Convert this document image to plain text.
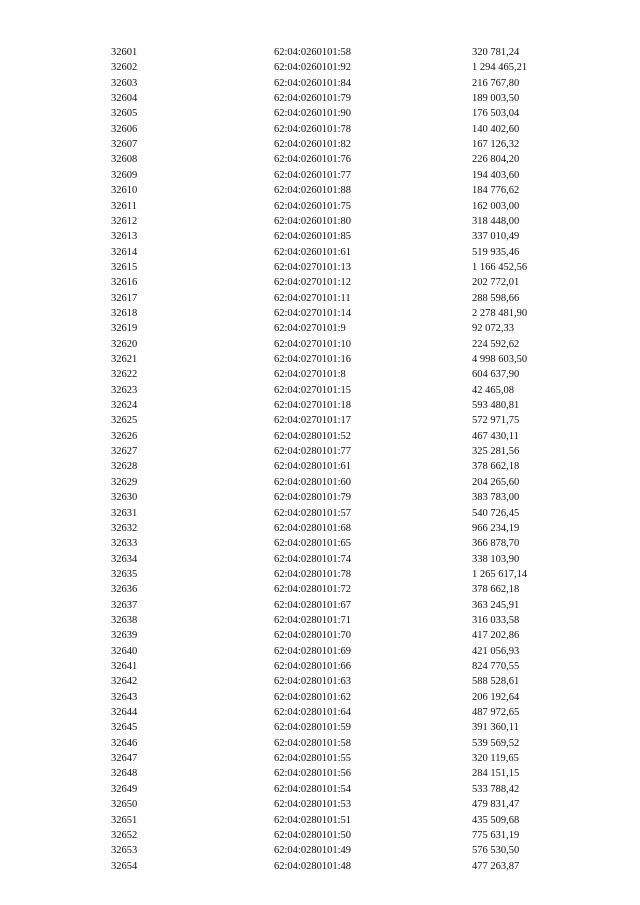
32601	62:04:0260101:58	320 781,24
32602	62:04:0260101:92	1 294 465,21
32603	62:04:0260101:84	216 767,80
32604	62:04:0260101:79	189 003,50
32605	62:04:0260101:90	176 503,04
32606	62:04:0260101:78	140 402,60
32607	62:04:0260101:82	167 126,32
32608	62:04:0260101:76	226 804,20
32609	62:04:0260101:77	194 403,60
32610	62:04:0260101:88	184 776,62
32611	62:04:0260101:75	162 003,00
32612	62:04:0260101:80	318 448,00
32613	62:04:0260101:85	337 010,49
32614	62:04:0260101:61	519 935,46
32615	62:04:0270101:13	1 166 452,56
32616	62:04:0270101:12	202 772,01
32617	62:04:0270101:11	288 598,66
32618	62:04:0270101:14	2 278 481,90
32619	62:04:0270101:9	92 072,33
32620	62:04:0270101:10	224 592,62
32621	62:04:0270101:16	4 998 603,50
32622	62:04:0270101:8	604 637,90
32623	62:04:0270101:15	42 465,08
32624	62:04:0270101:18	593 480,81
32625	62:04:0270101:17	572 971,75
32626	62:04:0280101:52	467 430,11
32627	62:04:0280101:77	325 281,56
32628	62:04:0280101:61	378 662,18
32629	62:04:0280101:60	204 265,60
32630	62:04:0280101:79	383 783,00
32631	62:04:0280101:57	540 726,45
32632	62:04:0280101:68	966 234,19
32633	62:04:0280101:65	366 878,70
32634	62:04:0280101:74	338 103,90
32635	62:04:0280101:78	1 265 617,14
32636	62:04:0280101:72	378 662,18
32637	62:04:0280101:67	363 245,91
32638	62:04:0280101:71	316 033,58
32639	62:04:0280101:70	417 202,86
32640	62:04:0280101:69	421 056,93
32641	62:04:0280101:66	824 770,55
32642	62:04:0280101:63	588 528,61
32643	62:04:0280101:62	206 192,64
32644	62:04:0280101:64	487 972,65
32645	62:04:0280101:59	391 360,11
32646	62:04:0280101:58	539 569,52
32647	62:04:0280101:55	320 119,65
32648	62:04:0280101:56	284 151,15
32649	62:04:0280101:54	533 788,42
32650	62:04:0280101:53	479 831,47
32651	62:04:0280101:51	435 509,68
32652	62:04:0280101:50	775 631,19
32653	62:04:0280101:49	576 530,50
32654	62:04:0280101:48	477 263,87
